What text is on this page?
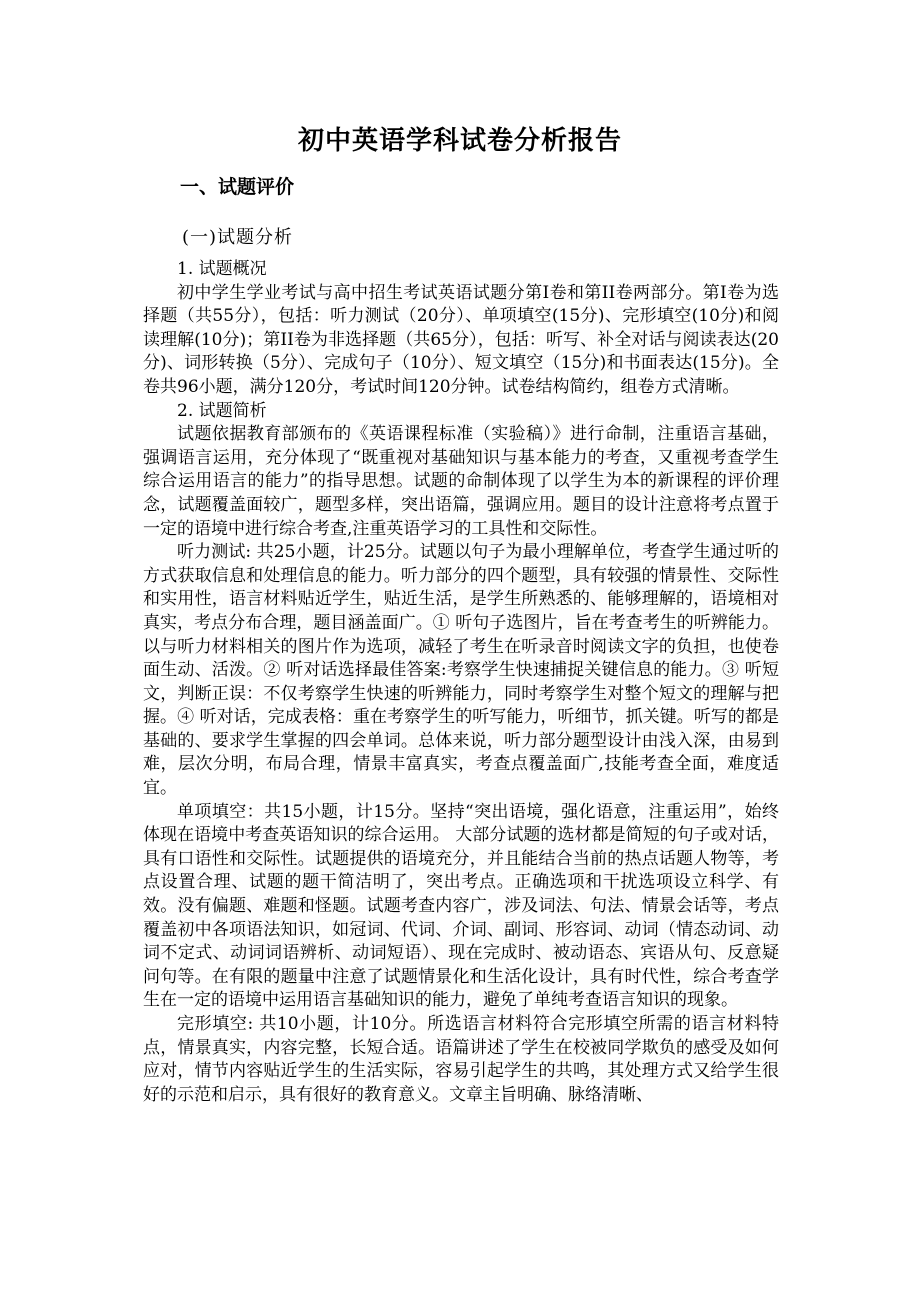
初中英语学科试卷分析报告
一、试题评价
(一)试题分析

1. 试题概况

初中学生学业考试与高中招生考试英语试题分第I卷和第II卷两部分。第I卷为选择题（共55分），包括：听力测试（20分）、单项填空(15分)、完形填空(10分)和阅读理解(10分)；第II卷为非选择题（共65分），包括：听写、补全对话与阅读表达(20分)、词形转换（5分）、完成句子（10分）、短文填空（15分)和书面表达(15分)。全卷共96小题，满分120分，考试时间120分钟。试卷结构简约，组卷方式清晰。

2. 试题简析

试题依据教育部颁布的《英语课程标准（实验稿）》进行命制，注重语言基础，强调语言运用，充分体现了“既重视对基础知识与基本能力的考查，又重视考查学生综合运用语言的能力”的指导思想。试题的命制体现了以学生为本的新课程的评价理念，试题覆盖面较广，题型多样，突出语篇，强调应用。题目的设计注意将考点置于一定的语境中进行综合考查,注重英语学习的工具性和交际性。

听力测试: 共25小题，计25分。试题以句子为最小理解单位，考查学生通过听的方式获取信息和处理信息的能力。听力部分的四个题型，具有较强的情景性、交际性和实用性，语言材料贴近学生，贴近生活，是学生所熟悉的、能够理解的，语境相对真实，考点分布合理，题目涵盖面广。① 听句子选图片，旨在考查考生的听辨能力。以与听力材料相关的图片作为选项，减轻了考生在听录音时阅读文字的负担，也使卷面生动、活泼。② 听对话选择最佳答案:考察学生快速捕捉关键信息的能力。③ 听短文，判断正误：不仅考察学生快速的听辨能力，同时考察学生对整个短文的理解与把握。④ 听对话，完成表格：重在考察学生的听写能力，听细节，抓关键。听写的都是基础的、要求学生掌握的四会单词。总体来说，听力部分题型设计由浅入深，由易到难，层次分明，布局合理，情景丰富真实，考查点覆盖面广,技能考查全面，难度适宜。

单项填空：共15小题，计15分。坚持“突出语境，强化语意，注重运用”，始终体现在语境中考查英语知识的综合运用。 大部分试题的选材都是简短的句子或对话，具有口语性和交际性。试题提供的语境充分，并且能结合当前的热点话题人物等，考点设置合理、试题的题干简洁明了，突出考点。正确选项和干扰选项设立科学、有效。没有偏题、难题和怪题。试题考查内容广，涉及词法、句法、情景会话等，考点覆盖初中各项语法知识，如冠词、代词、介词、副词、形容词、动词（情态动词、动词不定式、动词词语辨析、动词短语）、现在完成时、被动语态、宾语从句、反意疑问句等。在有限的题量中注意了试题情景化和生活化设计，具有时代性，综合考查学生在一定的语境中运用语言基础知识的能力，避免了单纯考查语言知识的现象。

完形填空: 共10小题，计10分。所选语言材料符合完形填空所需的语言材料特点，情景真实，内容完整，长短合适。语篇讲述了学生在校被同学欺负的感受及如何应对，情节内容贴近学生的生活实际，容易引起学生的共鸣，其处理方式又给学生很好的示范和启示，具有很好的教育意义。文章主旨明确、脉络清晰、
